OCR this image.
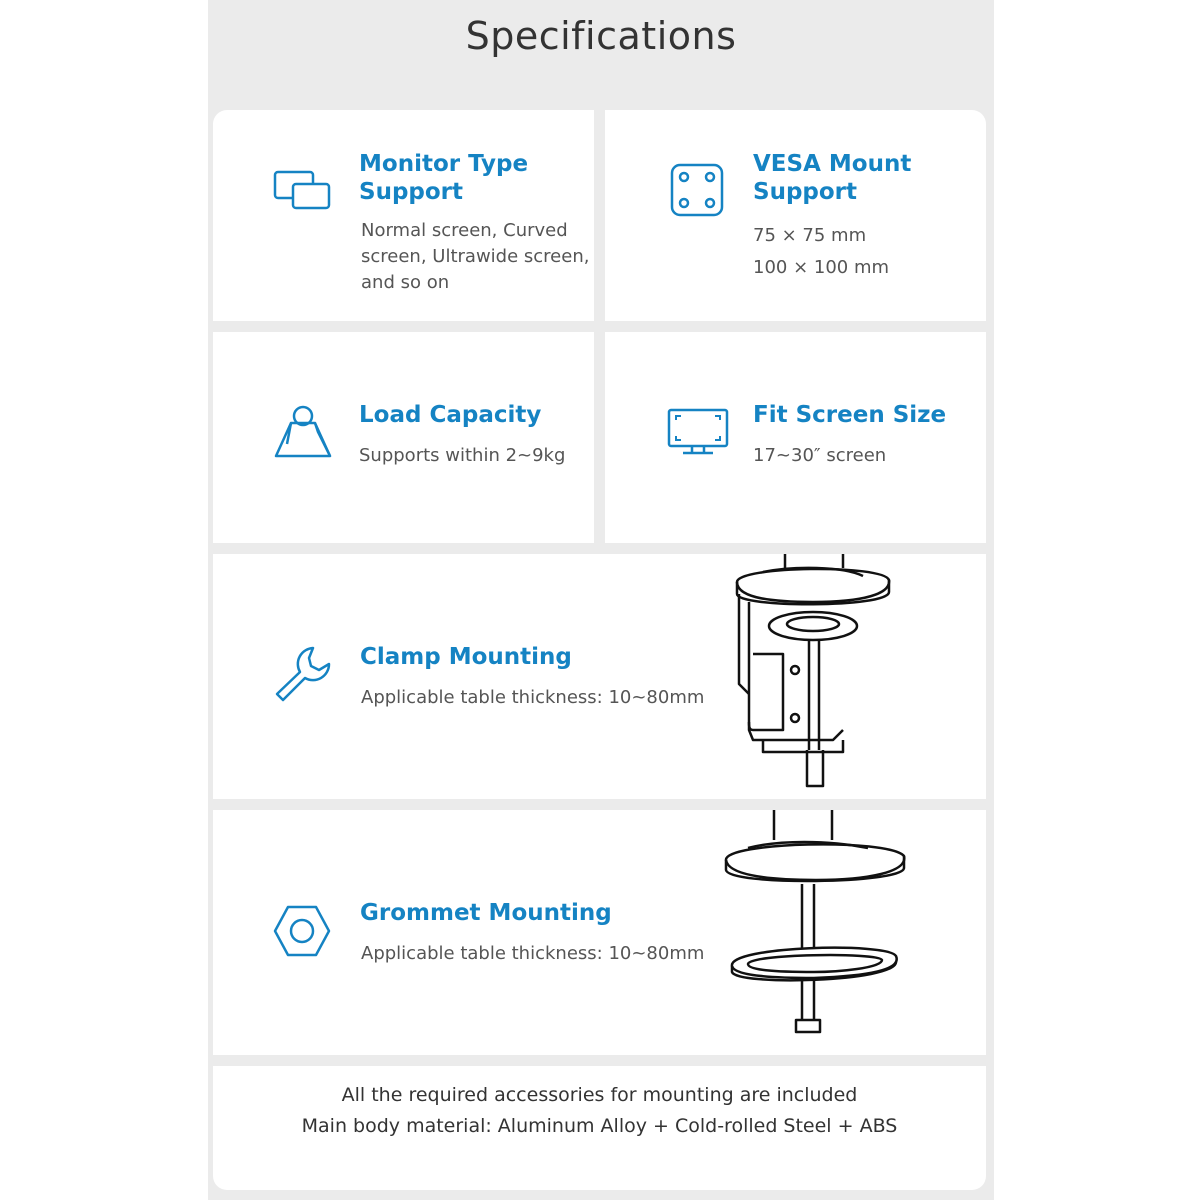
Specifications
Monitor Type
Support
Normal screen, Curved
screen, Ultrawide screen,
and so on
VESA Mount
Support
75 × 75 mm
100 × 100 mm
Load Capacity
Supports within 2~9kg
Fit Screen Size
17~30″ screen
Clamp Mounting
Applicable table thickness: 10~80mm
Grommet Mounting
Applicable table thickness: 10~80mm
All the required accessories for mounting are included
Main body material: Aluminum Alloy + Cold-rolled Steel + ABS
